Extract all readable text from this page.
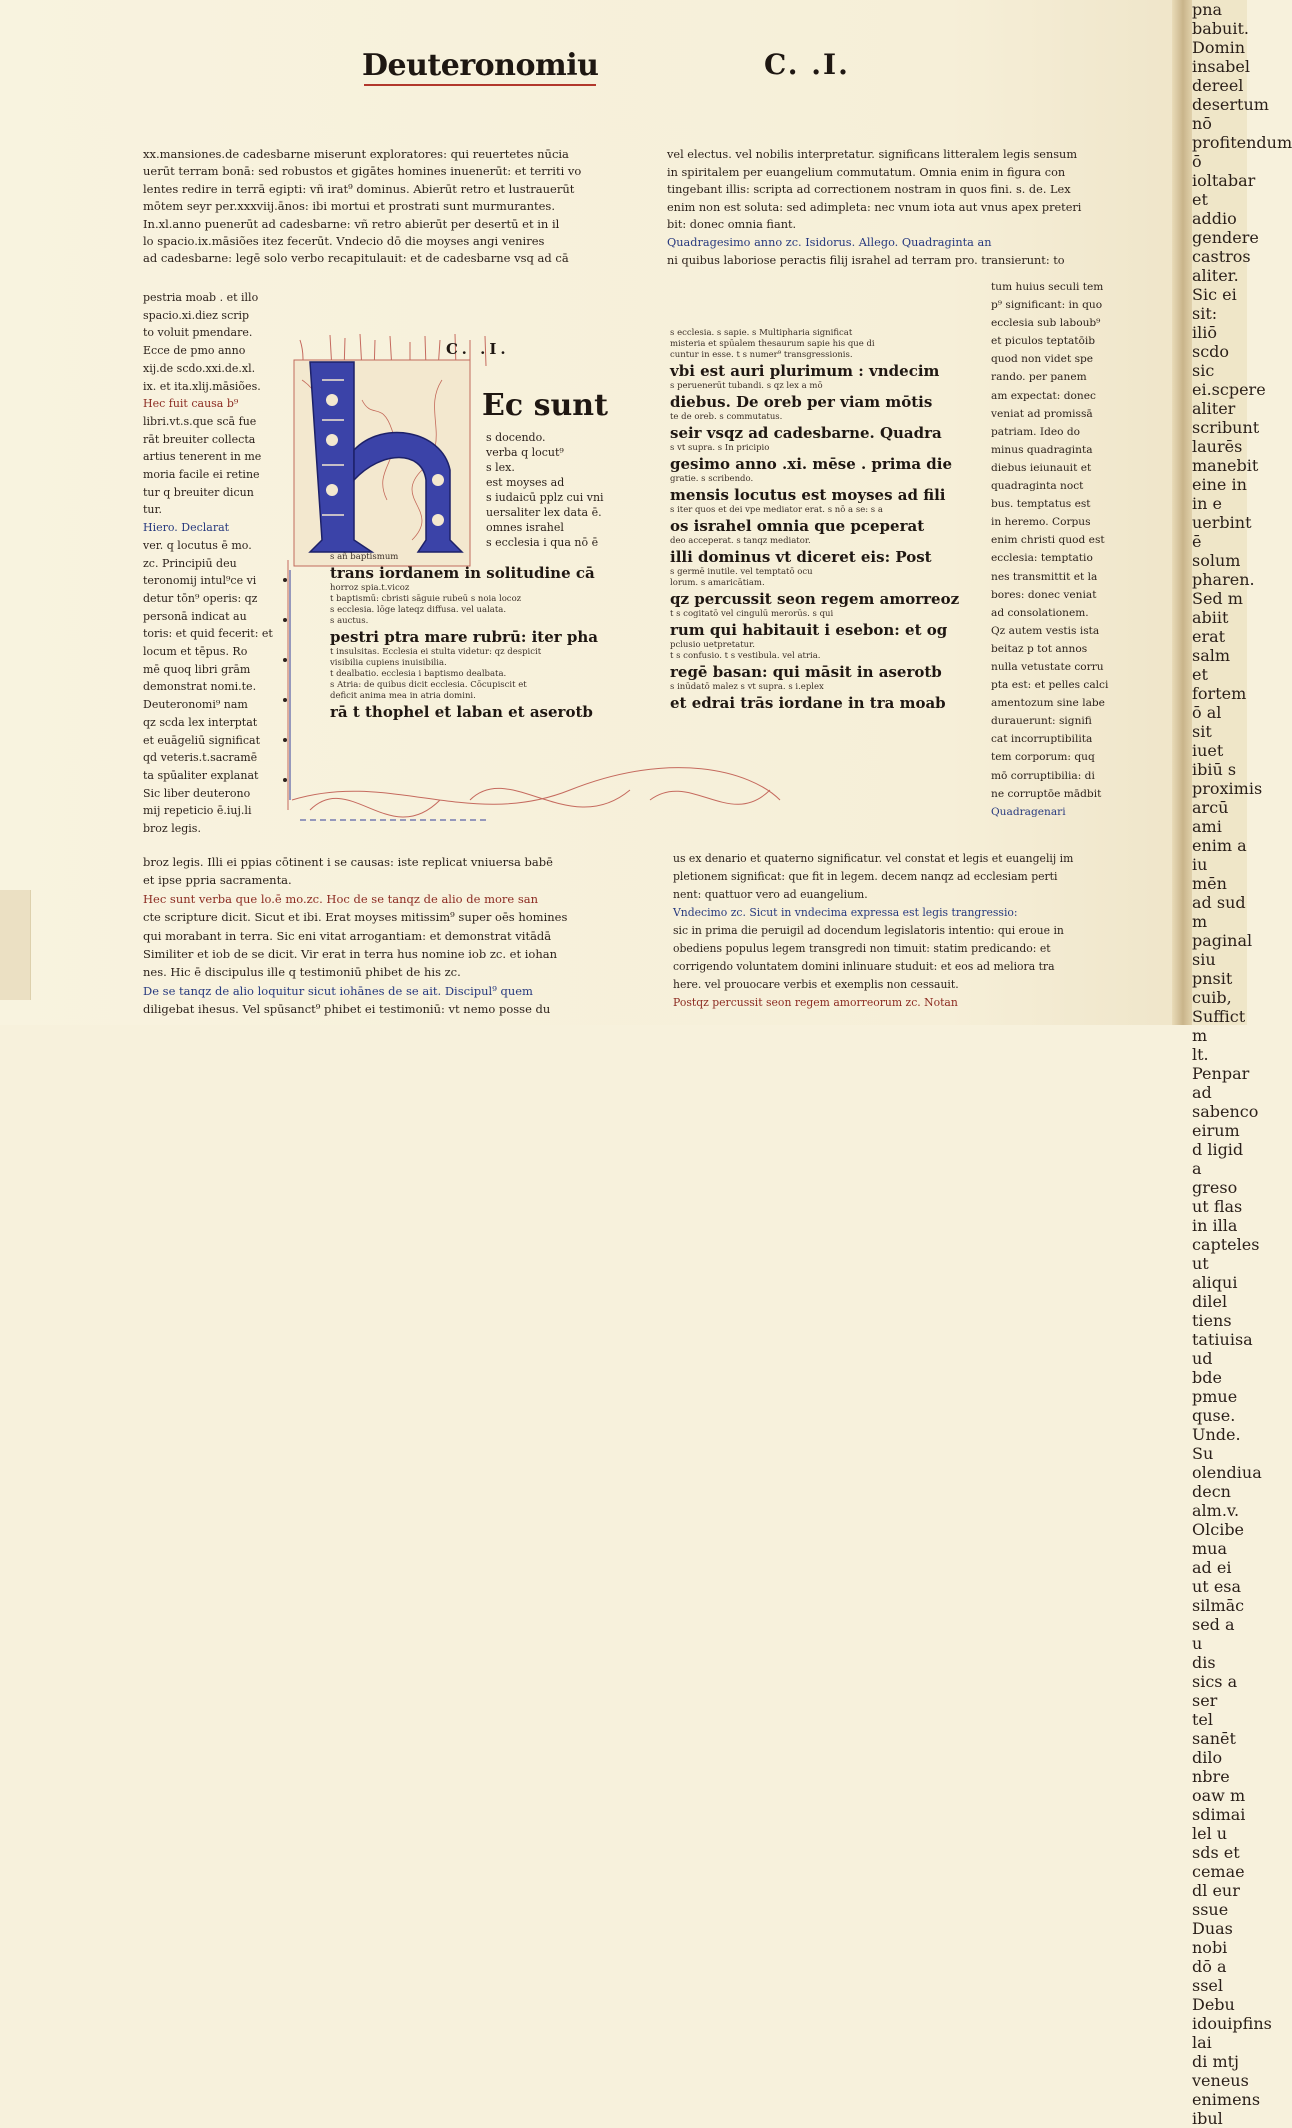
Deuteronomiu	C. .I.
xx.mansiones.de cadesbarne miserunt exploratores: qui reuertetes nūcia
uerūt terram bonā: sed robustos et gigātes homines inuenerūt: et territi vo
lentes redire in terrā egipti: vñ irat⁹ dominus. Abierūt retro et lustrauerūt
mōtem seyr per.xxxviij.ānos: ibi mortui et prostrati sunt murmurantes.
In.xl.anno puenerūt ad cadesbarne: vñ retro abierūt per desertū et in il
lo spacio.ix.māsiões itez fecerūt. Vndecio dō die moyses angi venires
ad cadesbarne: legē solo verbo recapitulauit: et de cadesbarne vsq ad cā
pestria moab . et illo
spacio.xi.diez scrip
to voluit pmendare.
Ecce de pmo anno
xij.de scdo.xxi.de.xl.
ix. et ita.xlij.māsiões.
Hec fuit causa b⁹
libri.vt.s.que scā fue
rāt breuiter collecta
artius tenerent in me
moria facile ei retine
tur q breuiter dicun
tur.
Hiero. Declarat
ver. q locutus ē mo.
zc. Principiū deu
teronomij intul⁹ce vi
detur tōn⁹ operis: qz
personā indicat au
toris: et quid fecerit: et
locum et tēpus. Ro
mē quoq libri grām
demonstrat nomi.te.
Deuteronomi⁹ nam
qz scda lex interptat
et euāgeliū significat
qd veteris.t.sacramē
ta spūaliter explanat
Sic liber deuterono
mij repeticio ē.iuj.li
broz legis.
broz legis. Illi ei ppias cōtinent i se causas: iste replicat vniuersa babē
et ipse ppria sacramenta.
Hec sunt verba que lo.ē mo.zc. Hoc de se tanqz de alio de more san
cte scripture dicit. Sicut et ibi. Erat moyses mitissim⁹ super oēs homines
qui morabant in terra. Sic eni vitat arrogantiam: et demonstrat vitādā
Similiter et iob de se dicit. Vir erat in terra hus nomine iob zc. et iohan
nes. Hic ē discipulus ille q testimoniū phibet de his zc.
De se tanqz de alio loquitur sicut iohānes de se ait. Discipul⁹ quem
diligebat ihesus. Vel spūsanct⁹ phibet ei testimoniū: vt nemo posse du
vel electus. vel nobilis interpretatur. significans litteralem legis sensum
in spiritalem per euangelium commutatum. Omnia enim in figura con
tingebant illis: scripta ad correctionem nostram in quos fini. s. de. Lex
enim non est soluta: sed adimpleta: nec vnum iota aut vnus apex preteri
bit: donec omnia fiant.
Quadragesimo anno zc. Isidorus. Allego. Quadraginta an
ni quibus laboriose peractis filij israhel ad terram pro. transierunt: to
s ecclesia. s sapie. s Multipharia significat
misteria et spūalem thesaurum sapie his que di
cuntur in esse. t s numer⁹ transgressionis.
vbi est auri plurimum : vndecim
s peruenerūt tubandi. s qz lex a mō
diebus. De oreb per viam mōtis
te de oreb. s commutatus.
seir vsqz ad cadesbarne. Quadra
s vt supra. s In pricipio
gesimo anno .xi. mēse . prima die
gratie. s scribendo.
mensis locutus est moyses ad fili
s iter quos et dei vpe mediator erat. s nō a se: s a
os israhel omnia que pceperat
deo acceperat. s tanqz mediator.
illi dominus vt diceret eis: Post
s germē inutile. vel temptatō ocu
lorum. s amaricātiam.
qz percussit seon regem amorreoz
t s cogitatō vel cingulū merorūs. s qui
rum qui habitauit i esebon: et og
pclusio uetpretatur.
t s confusio. t s vestibula. vel atria.
regē basan: qui māsit in aserotb
s inūdatō malez s vt supra. s i.eplex
et edrai trās iordane in tra moab
tum huius seculi tem
p⁹ significant: in quo
ecclesia sub laboub⁹
et piculos teptatōib
quod non videt spe
rando. per panem
am expectat: donec
veniat ad promissā
patriam. Ideo do
minus quadraginta
diebus ieiunauit et
quadraginta noct
bus. temptatus est
in heremo. Corpus
enim christi quod est
ecclesia: temptatio
nes transmittit et la
bores: donec veniat
ad consolationem.
Qz autem vestis ista
beitaz p tot annos
nulla vetustate corru
pta est: et pelles calci
amentozum sine labe
durauerunt: signifi
cat incorruptibilita
tem corporum: quq
mō corruptibilia: di
ne corruptōe mādbit
Quadragenari
us ex denario et quaterno significatur. vel constat et legis et euangelij im
pletionem significat: que fit in legem. decem nanqz ad ecclesiam perti
nent: quattuor vero ad euangelium.
Vndecimo zc. Sicut in vndecima expressa est legis trangressio:
sic in prima die peruigil ad docendum legislatoris intentio: qui eroue in
obediens populus legem transgredi non timuit: statim predicando: et
corrigendo voluntatem domini inlinuare studuit: et eos ad meliora tra
here. vel prouocare verbis et exemplis non cessauit.
Postqz percussit seon regem amorreorum zc. Notan
C. .I.
Ec sunt
s docendo.
verba q locut⁹
s lex.
est moyses ad
s iudaicū pplz cui vni
uersaliter lex data ē.
omnes israhel
s ecclesia i qua nō ē
s añ baptismum
trans iordanem in solitudine cā
horroz spia.t.vicoz
t baptismū: cbristi sāguie rubeū s noia locoz
s ecclesia. lōge lateqz diffusa. vel ualata.
s auctus.
pestri ptra mare rubrū: iter pha
t insulsitas. Ecclesia ei stulta videtur: qz despicit
visibilia cupiens inuisibilia.
t dealbatio. ecclesia i baptismo dealbata.
s Atria: de quibus dicit ecclesia. Cōcupiscit et
deficit anima mea in atria domini.
rā t thophel et laban et aserotb
pna babuit.
Domin
insabel dereel
desertum nō
profitendum ō
ioltabar et addio
gendere castros
aliter. Sic ei
sit: iliō scdo
sic ei.scpere
aliter scribunt
laurēs manebit
eine in in e
uerbint ē solum
pharen. Sed m
abiit erat salm
et fortem ō al
sit iuet ibiū s
proximis arcū
ami enim a iu
mēn ad sud m
paginal siu
pnsit cuib,
Suffict m
lt. Penpar
ad sabenco
eirum d ligid a
greso ut flas
in illa capteles
ut aliqui dilel
tiens tatiuisa
ud bde pmue
quse. Unde. Su
olendiua decn
alm.v.
Olcibe mua
ad ei ut esa
silmāc sed a u
dis sics a ser
tel sanēt dilo
nbre oaw m
sdimai lel u
sds et cemae
dl eur ssue
Duas nobi
dō a ssel Debu
idouipfins lai
di mtj veneus
enimens ibul
